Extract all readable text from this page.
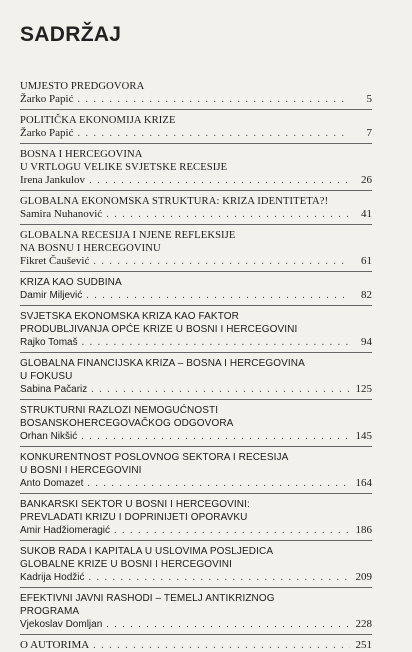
SADRŽAJ
UMJESTO PREDGOVORA
Žarko Papić . . .	5
POLITIČKA EKONOMIJA KRIZE
Žarko Papić . . .	7
BOSNA I HERCEGOVINA
U VRTLOGU VELIKE SVJETSKE RECESIJE
Irena Jankulov . . .	26
GLOBALNA EKONOMSKA STRUKTURA: KRIZA IDENTITETA?!
Samira Nuhanović . . .	41
GLOBALNA RECESIJA I NJENE REFLEKSIJE
NA BOSNU I HERCEGOVINU
Fikret Čaušević . . .	61
KRIZA KAO SUDBINA
Damir Miljević . . .	82
SVJETSKA EKONOMSKA KRIZA KAO FAKTOR
PRODUBLJIVANJA OPĆE KRIZE U BOSNI I HERCEGOVINI
Rajko Tomaš . . .	94
GLOBALNA FINANCIJSKA KRIZA – BOSNA I HERCEGOVINA
U FOKUSU
Sabina Pačariz . . .	125
STRUKTURNI RAZLOZI NEMOGUĆNOSTI
BOSANSKOHERCEGOVAČKOG ODGOVORA
Orhan Nikšić . . .	145
KONKURENTNOST POSLOVNOG SEKTORA I RECESIJA
U BOSNI I HERCEGOVINI
Anto Domazet . . .	164
BANKARSKI SEKTOR U BOSNI I HERCEGOVINI:
PREVLADATI KRIZU I DOPRINIJETI OPORAVKU
Amir Hadžiomeragić . . .	186
SUKOB RADA I KAPITALA U USLOVIMA POSLJEDICA
GLOBALNE KRIZE U BOSNI I HERCEGOVINI
Kadrija Hodžić . . .	209
EFEKTIVNI JAVNI RASHODI – TEMELJ ANTIKRIZNOG
PROGRAMA
Vjekoslav Domljan . . .	228
O AUTORIMA . . .	251
